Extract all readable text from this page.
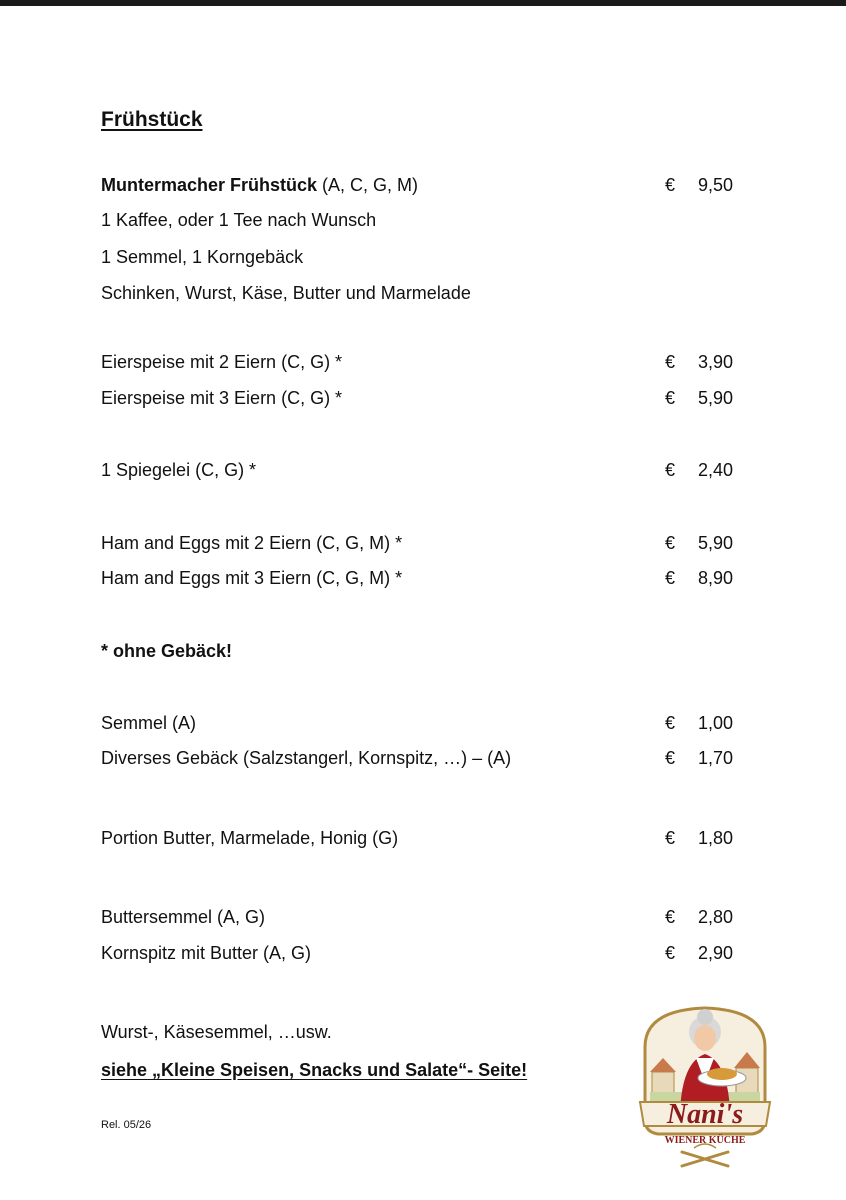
Frühstück
Muntermacher Frühstück (A, C, G, M)	€ 9,50
1 Kaffee, oder 1 Tee nach Wunsch
1 Semmel, 1 Korngebäck
Schinken, Wurst, Käse, Butter und Marmelade
Eierspeise mit 2 Eiern (C, G) *	€ 3,90
Eierspeise mit 3 Eiern (C, G) *	€ 5,90
1 Spiegelei (C, G) *	€ 2,40
Ham and Eggs mit 2 Eiern (C, G, M) *	€ 5,90
Ham and Eggs mit 3 Eiern (C, G, M) *	€ 8,90
* ohne Gebäck!
Semmel (A)	€ 1,00
Diverses Gebäck (Salzstangerl, Kornspitz, …) – (A)	€ 1,70
Portion Butter, Marmelade, Honig (G)	€ 1,80
Buttersemmel (A, G)	€ 2,80
Kornspitz mit Butter (A, G)	€ 2,90
Wurst-, Käsesemmel, …usw.
siehe „Kleine Speisen, Snacks und Salate“- Seite!
Rel. 05/26	Nani's
WIENER KÜCHE
